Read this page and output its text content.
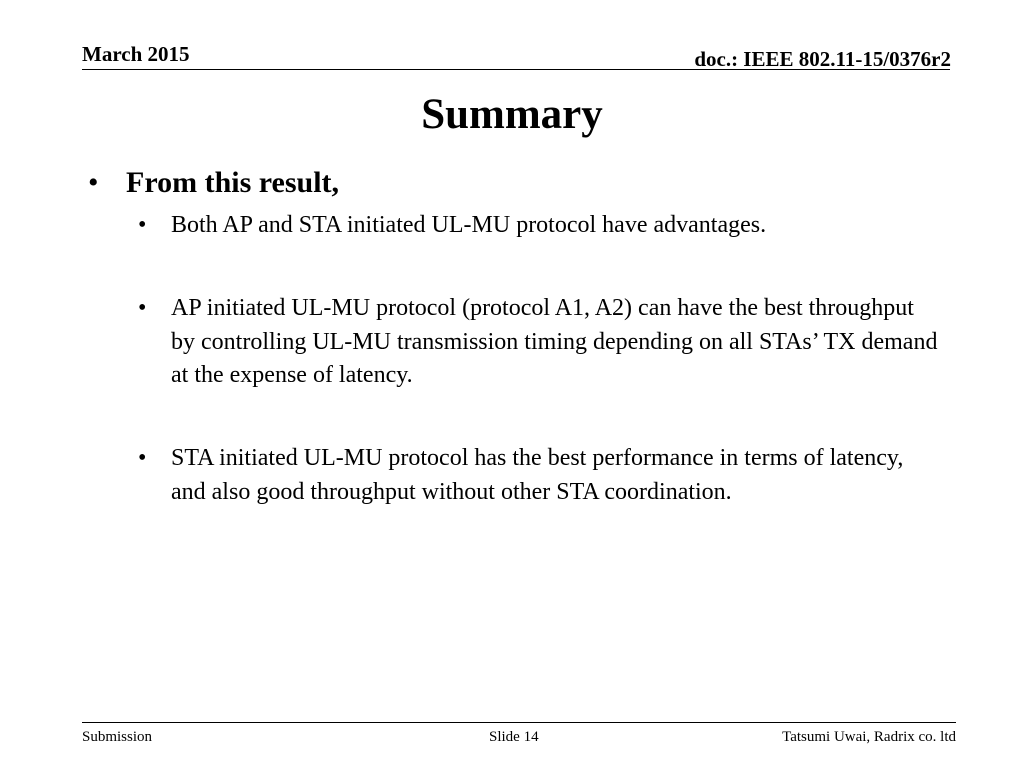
March 2015	doc.: IEEE 802.11-15/0376r2
Summary
• From this result,
• Both AP and STA initiated UL-MU protocol have advantages.
• AP initiated UL-MU protocol (protocol A1, A2) can have the best throughput by controlling UL-MU transmission timing depending on all STAs’ TX demand at the expense of latency.
• STA initiated UL-MU protocol has the best performance in terms of latency, and also good throughput without other STA coordination.
Submission	Slide 14	Tatsumi Uwai, Radrix co. ltd
